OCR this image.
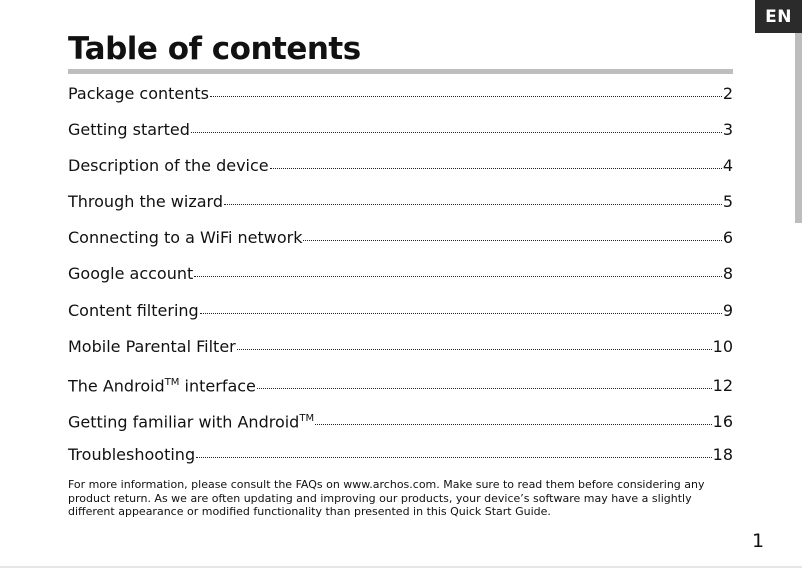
EN
Table of contents
Package contents	2
Getting started	3
Description of the device	4
Through the wizard	5
Connecting to a WiFi network	6
Google account	8
Content filtering	9
Mobile Parental Filter	10
The Android™ interface	12
Getting familiar with Android™	16
Troubleshooting	18

For more information, please consult the FAQs on www.archos.com. Make sure to read them before considering any product return. As we are often updating and improving our products, your device’s software may have a slightly different appearance or modified functionality than presented in this Quick Start Guide.

1
